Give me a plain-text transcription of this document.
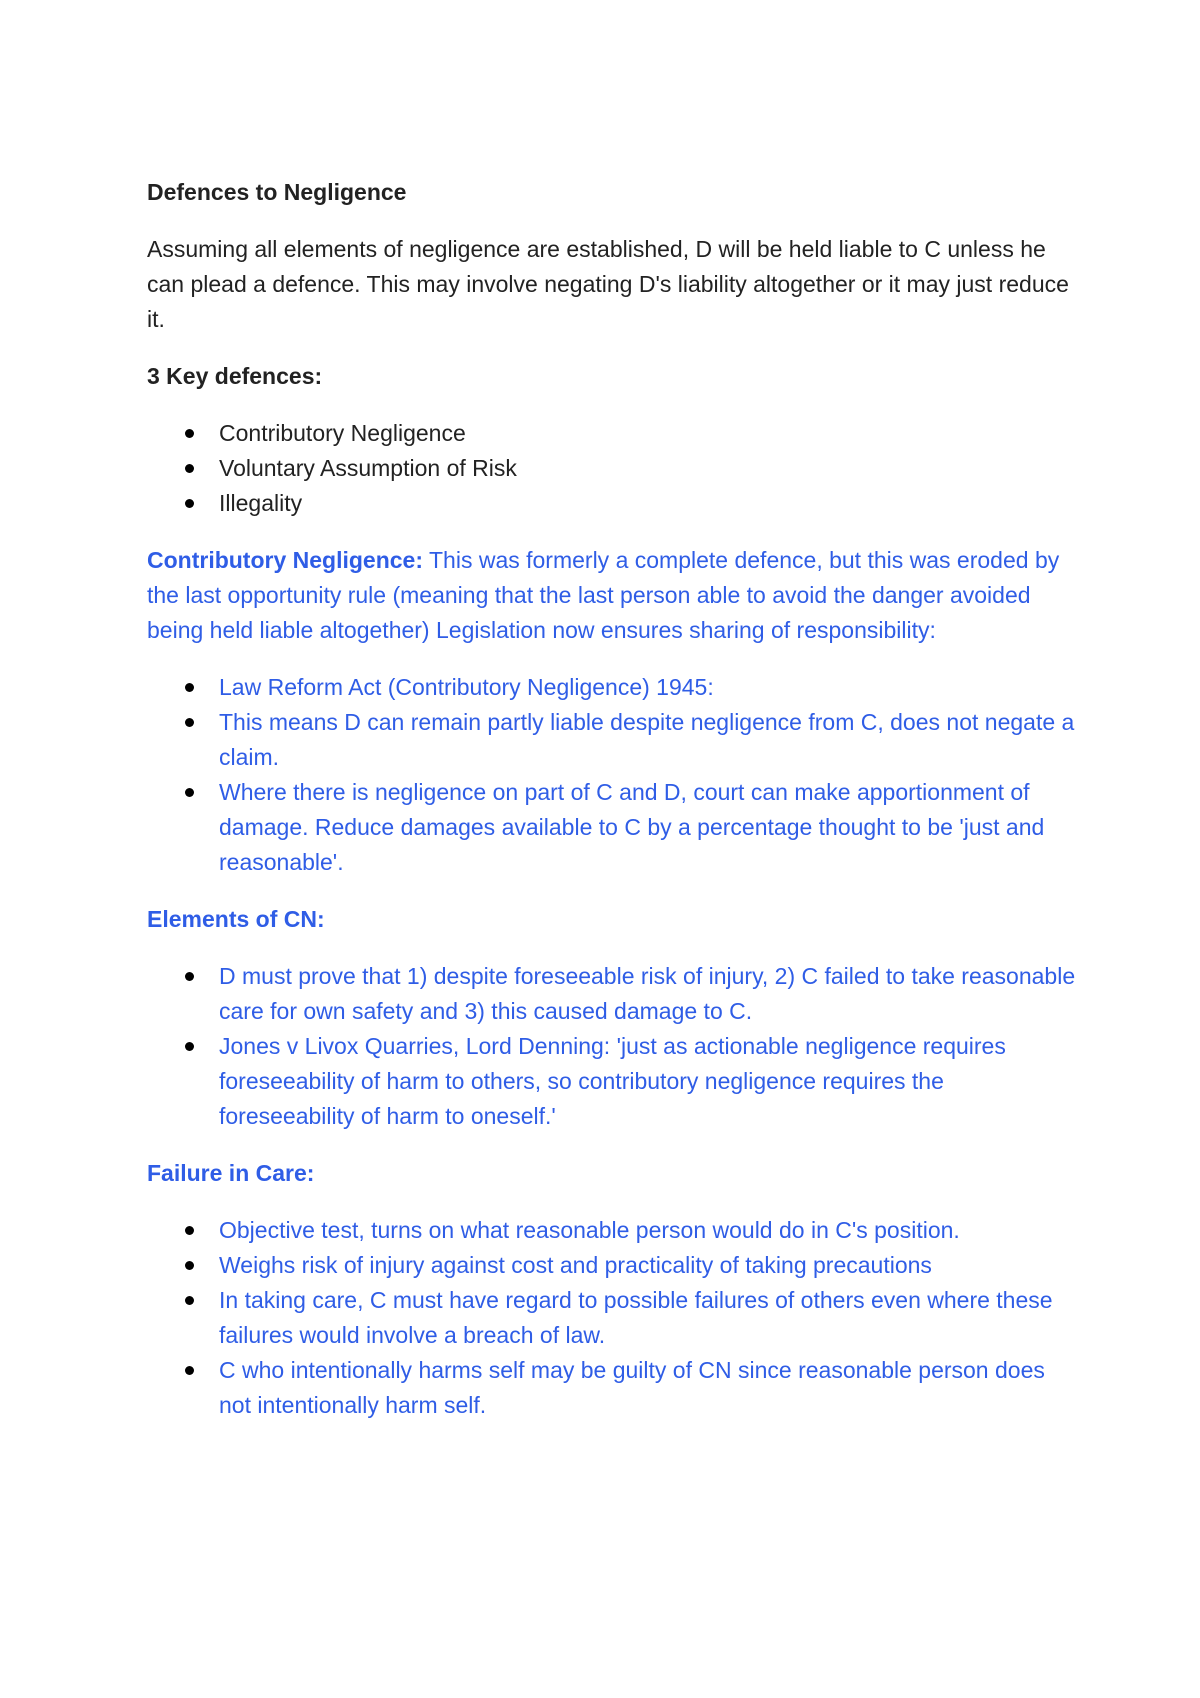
Defences to Negligence

Assuming all elements of negligence are established, D will be held liable to C unless he can plead a defence. This may involve negating D's liability altogether or it may just reduce it.

3 Key defences:
Contributory Negligence
Voluntary Assumption of Risk
Illegality

Contributory Negligence: This was formerly a complete defence, but this was eroded by the last opportunity rule (meaning that the last person able to avoid the danger avoided being held liable altogether) Legislation now ensures sharing of responsibility:

Law Reform Act (Contributory Negligence) 1945:
This means D can remain partly liable despite negligence from C, does not negate a claim.
Where there is negligence on part of C and D, court can make apportionment of damage. Reduce damages available to C by a percentage thought to be 'just and reasonable'.
Elements of CN:
D must prove that 1) despite foreseeable risk of injury, 2) C failed to take reasonable care for own safety and 3) this caused damage to C.
Jones v Livox Quarries, Lord Denning: 'just as actionable negligence requires foreseeability of harm to others, so contributory negligence requires the foreseeability of harm to oneself.'
Failure in Care:
Objective test, turns on what reasonable person would do in C's position.
Weighs risk of injury against cost and practicality of taking precautions
In taking care, C must have regard to possible failures of others even where these failures would involve a breach of law.
C who intentionally harms self may be guilty of CN since reasonable person does not intentionally harm self.
